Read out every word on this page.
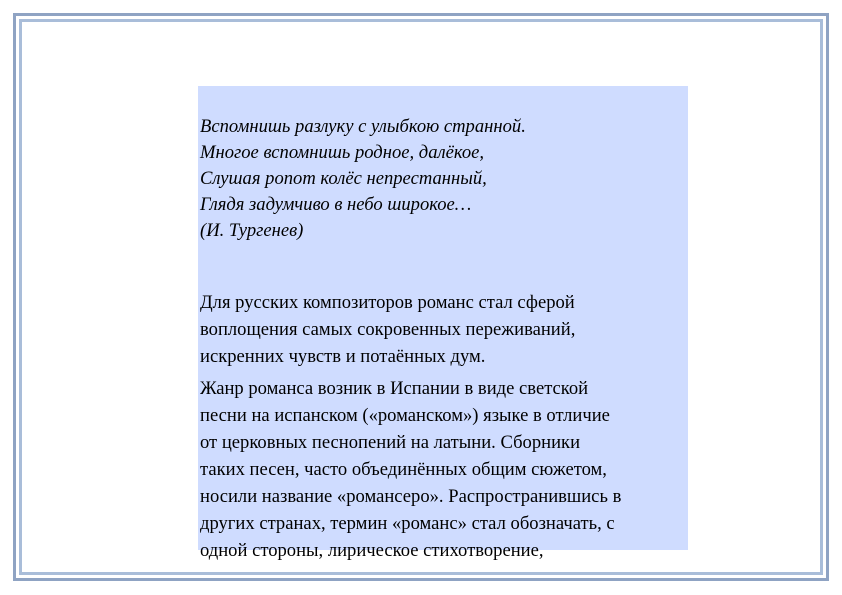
Вспомнишь разлуку с улыбкою странной.
Многое вспомнишь родное, далёкое,
Слушая ропот колёс непрестанный,
Глядя задумчиво в небо широкое…
(И. Тургенев)
Для русских композиторов романс стал сферой
воплощения самых сокровенных переживаний,
искренних чувств и потаённых дум.
Жанр романса возник в Испании в виде светской
песни на испанском («романском») языке в отличие
от церковных песнопений на латыни. Сборники
таких песен, часто объединённых общим сюжетом,
носили название «романсеро». Распространившись в
других странах, термин «романс» стал обозначать, с
одной стороны, лирическое стихотворение,
